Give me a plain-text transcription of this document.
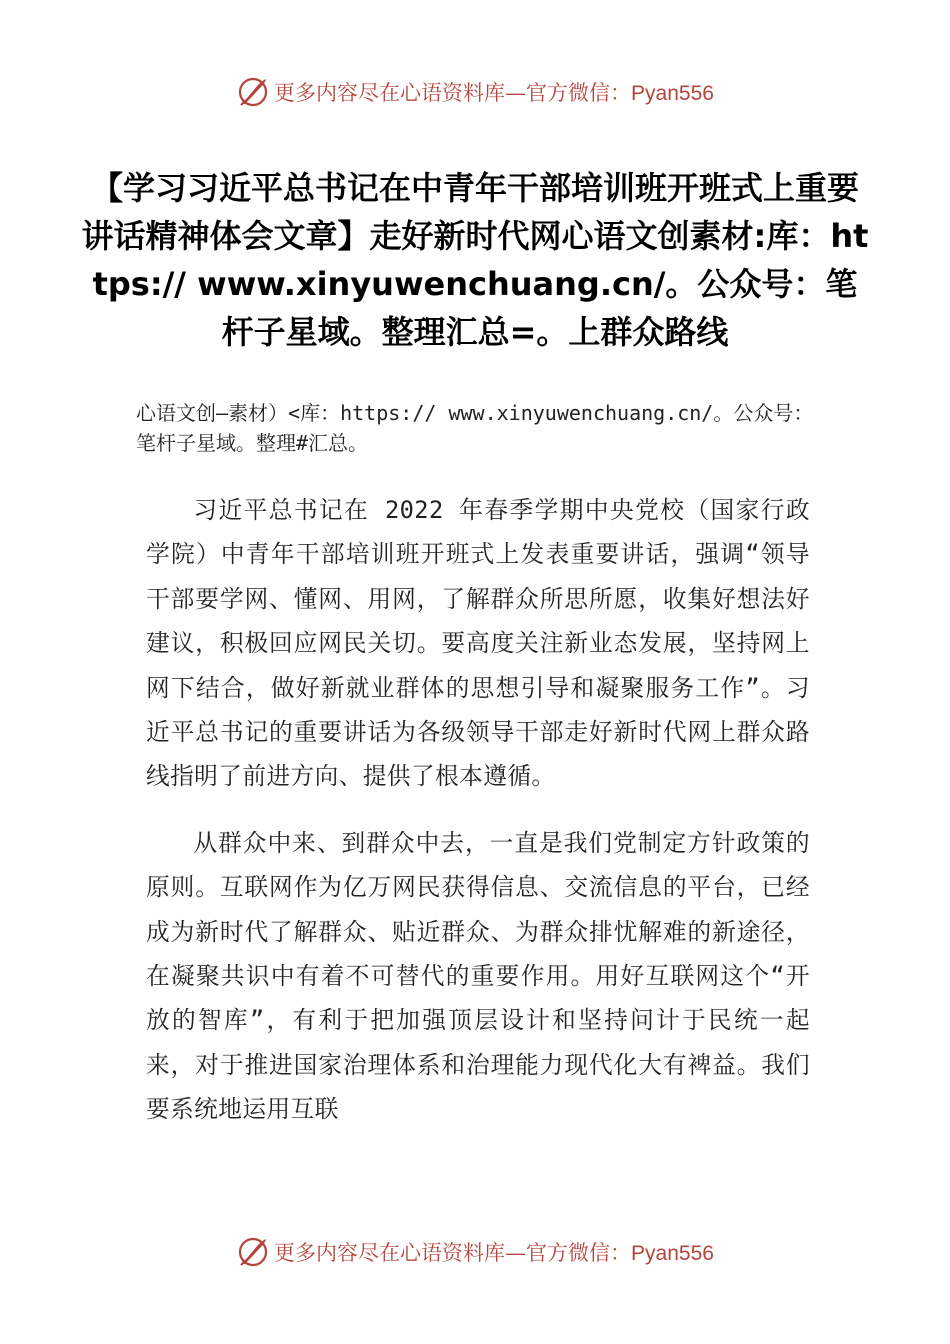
更多内容尽在心语资料库—官方微信：Pyan556
【学习习近平总书记在中青年干部培训班开班式上重要讲话精神体会文章】走好新时代网心语文创素材:库：https:// www.xinyuwenchuang.cn/。公众号：笔杆子星域。整理汇总=。上群众路线

心语文创—素材）<库：https:// www.xinyuwenchuang.cn/。公众号：笔杆子星域。整理#汇总。

习近平总书记在 2022 年春季学期中央党校（国家行政学院）中青年干部培训班开班式上发表重要讲话，强调“领导干部要学网、懂网、用网，了解群众所思所愿，收集好想法好建议，积极回应网民关切。要高度关注新业态发展，坚持网上网下结合，做好新就业群体的思想引导和凝聚服务工作”。习近平总书记的重要讲话为各级领导干部走好新时代网上群众路线指明了前进方向、提供了根本遵循。

从群众中来、到群众中去，一直是我们党制定方针政策的原则。互联网作为亿万网民获得信息、交流信息的平台，已经成为新时代了解群众、贴近群众、为群众排忧解难的新途径，在凝聚共识中有着不可替代的重要作用。用好互联网这个“开放的智库”，有利于把加强顶层设计和坚持问计于民统一起来，对于推进国家治理体系和治理能力现代化大有裨益。我们要系统地运用互联

更多内容尽在心语资料库—官方微信：Pyan556
